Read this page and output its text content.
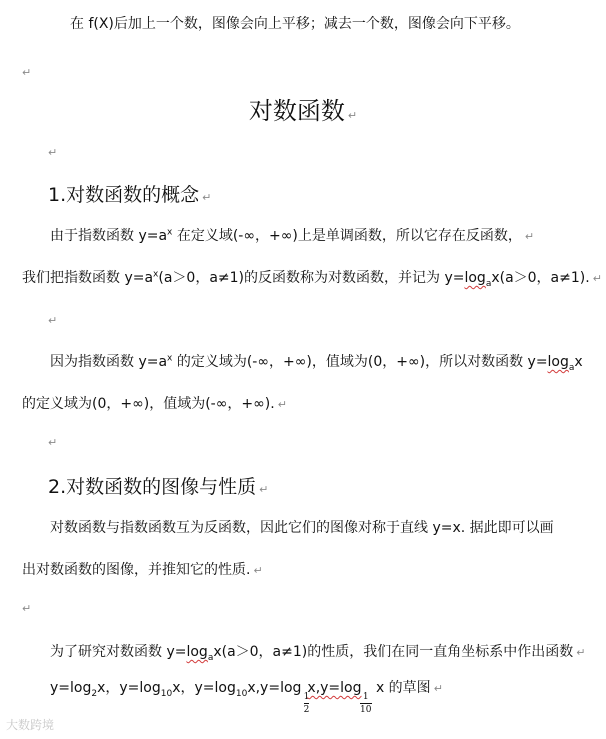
在 f(X)后加上一个数，图像会向上平移；减去一个数，图像会向下平移。
↵
对数函数 ↵
↵
1.对数函数的概念 ↵
由于指数函数 $y=a^x$ 在定义域(-∞，+∞)上是单调函数，所以它存在反函数， ↵
我们把指数函数 $y=a^x(a>0$，a≠1)的反函数称为对数函数，并记为 $y=\log_ax(a>0$，a≠1). ↵
↵
因为指数函数 $y=a^x$ 的定义域为(-∞，+∞)，值域为(0，+∞)，所以对数函数 $y=\log_ax$
的定义域为(0，+∞)，值域为(-∞，+∞). ↵
↵
2.对数函数的图像与性质 ↵
对数函数与指数函数互为反函数，因此它们的图像对称于直线 y=x. 据此即可以画
出对数函数的图像，并推知它的性质. ↵
↵
为了研究对数函数 $y=\log_ax(a>0$，a≠1)的性质，我们在同一直角坐标系中作出函数 ↵
$y=\log_2x$，$y=\log_{10}x$，$y=\log_{10}x,y=\log$
1
2
x,y=log
1
10
x 的草图 ↵
大数跨境
